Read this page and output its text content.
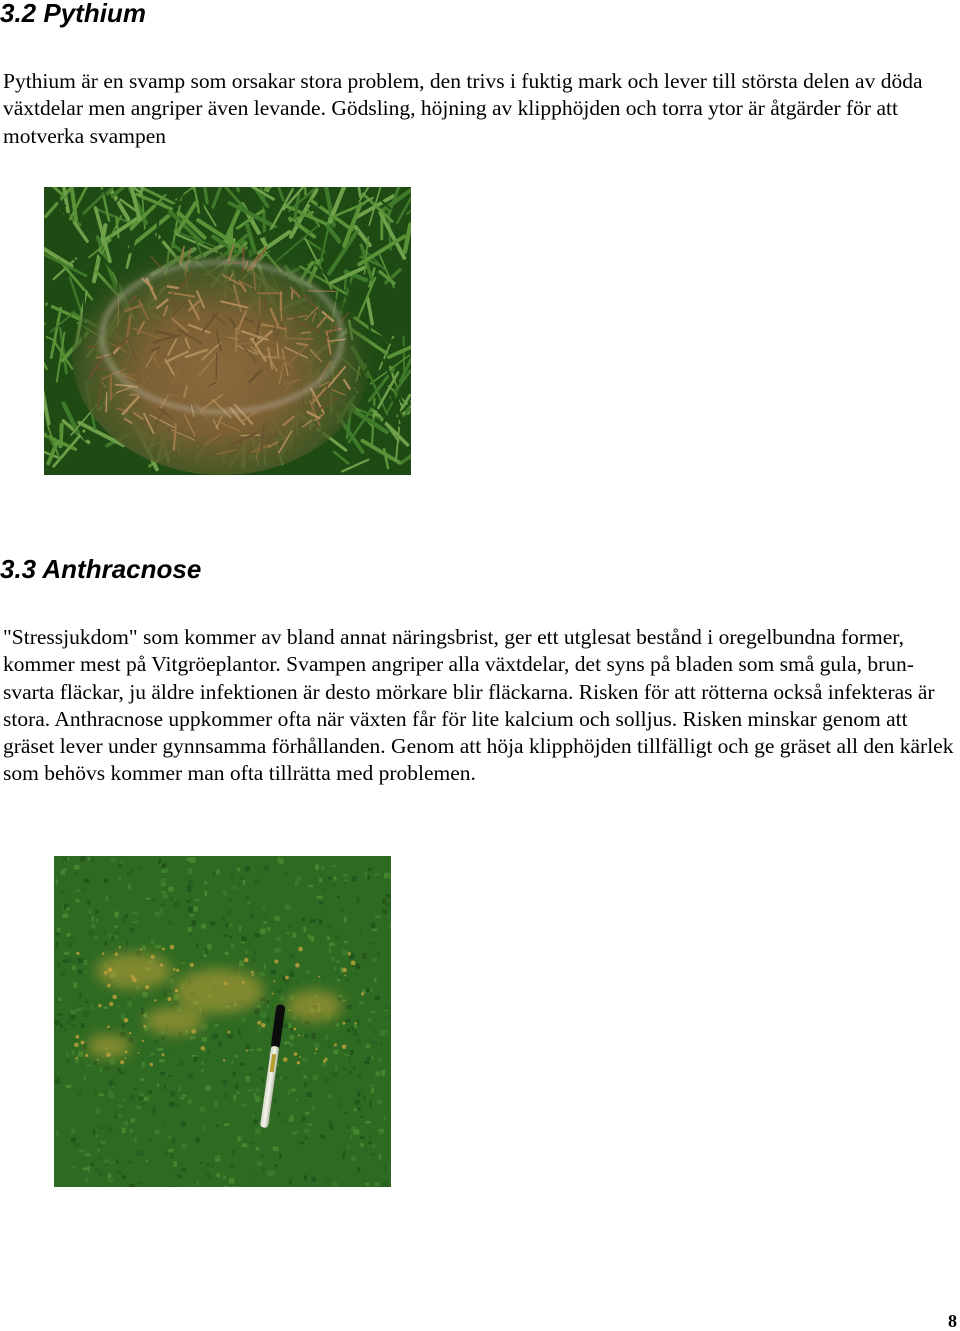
3.2 Pythium

Pythium är en svamp som orsakar stora problem, den trivs i fuktig mark och lever till största delen av döda växtdelar men angriper även levande. Gödsling, höjning av klipphöjden och torra ytor är åtgärder för att motverka svampen

3.3 Anthracnose

"Stressjukdom" som kommer av bland annat näringsbrist, ger ett utglesat bestånd i oregelbundna former, kommer mest på Vitgröeplantor. Svampen angriper alla växtdelar, det syns på bladen som små gula, brun-svarta fläckar, ju äldre infektionen är desto mörkare blir fläckarna. Risken för att rötterna också infekteras är stora. Anthracnose uppkommer ofta när växten får för lite kalcium och solljus. Risken minskar genom att gräset lever under gynnsamma förhållanden. Genom att höja klipphöjden tillfälligt och ge gräset all den kärlek som behövs kommer man ofta tillrätta med problemen.

8
